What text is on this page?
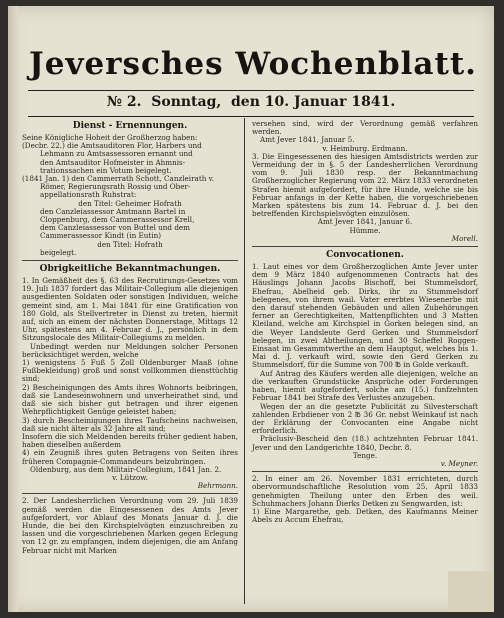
Jeversches Wochenblatt.
№ 2. Sonntag, den 10. Januar 1841.
Dienst - Ernennungen.

Seine Königliche Hoheit der Großherzog haben:

(Decbr. 22.) die Amtsauditoren Flor, Harbers und

Lehmann zu Amtsassessoren ernannt und

den Amtsauditor Hofmeister in Ahmnis-

trationssachen ein Votum beigelegt.

(1841 Jan. 1) den Cammerrath Schott, Canzleirath v.

Römer, Regierungsrath Rossig und Ober-

appellationsrath Ruhstrat:

den Titel: Geheimer Hofrath

den Canzleiassessor Amtmann Bartel in

Cloppenburg, dem Cammerassessor Krell,

dem Canzleiassessor von Buttel und dem

Cammerassessor Kindt (in Eutin)

den Titel: Hofrath

beigelegt.

Obrigkeitliche Bekanntmachungen.

1. In Gemäßheit des §. 63 des Recrutirungs-Gesetzes vom 19. Juli 1837 fordert das Militair-Collegium alle diejenigen ausgedienten Soldaten oder sonstigen Individuen, welche gemeint sind, am 1. Mai 1841 für eine Gratification von 180 Gold, als Stellvertreter in Dienst zu treten, hiermit auf, sich an einem der nächsten Donnerstage, Mittags 12 Uhr, spätestens am 4. Februar d. J., persönlich in dem Sitzungslocale des Militair-Collegiums zu melden.

Unbedingt werden nur Meldungen solcher Personen berücksichtiget werden, welche

1) wenigstens 5 Fuß 5 Zoll Oldenburger Maaß (ohne Fußbekleidung) groß und sonst vollkommen diensttüchtig sind;

2) Bescheinigungen des Amts ihres Wohnorts beibringen, daß sie Landeseinwohnern und unverheirathet sind, und daß sie sich bisher gut betragen und ihrer eigenen Wehrpflichtigkeit Genüge geleistet haben;

3) durch Bescheinigungen ihres Taufscheins nachweisen, daß sie nicht älter als 32 Jahre alt sind;

Insofern die sich Meldenden bereits früher gedient haben, haben dieselben außerdem

4) ein Zeugniß ihres guten Betragens von Seiten ihres früheren Compagnie-Commandeurs beizubringen.

Oldenburg, aus dem Militair-Collegium, 1841 Jan. 2.

v. Lützow.

Behrmann.

2. Der Landesherrlichen Verordnung vom 29. Juli 1839 gemäß werden die Eingesessenen des Amts Jever aufgefordert, vor Ablauf des Monats Januar d. J. die Hunde, die bei den Kirchspielvögten einzuschreiben zu lassen und die vorgeschriebenen Marken gegen Erlegung von 12 gr. zu empfangen, indem diejenigen, die am Anfang Februar nicht mit Marken

versehen sind, wird der Verordnung gemäß verfahren werden.

Amt Jever 1841, Januar 5.

v. Heimburg. Erdmann.

3. Die Eingesessenen des hiesigen Amtsdistricts werden zur Vermeidung der in §. 5 der Landesherrlichen Verordnung vom 9. Juli 1830 resp. der Bekanntmachung Großherzoglicher Regierung vom 22. März 1833 verordneten Strafen hiemit aufgefordert, für ihre Hunde, welche sie bis Februar anfangs in der Kette haben, die vorgeschriebenen Marken spätestens bis zum 14. Februar d. J. bei den betreffenden Kirchspielsvögten einzulösen.

Amt Jever 1841, Januar 6.

Hümme.

Morell.

Convocationen.

1. Laut eines vor dem Großherzoglichen Amte Jever unter dem 9 März 1840 aufgenommenen Contracts hat des Häuslings Johann Jacobs Bischoff, bei Stummelsdorf, Ehefrau, Abelheid geb. Dirks, ihr zu Stummelsdorf belegenes, von ihrem wail. Vater ererbtes Wiesenerbe mit den darauf stehenden Gebäuden und allen Zubehörungen ferner an Gerechtigkeiten, Mattenpflichten und 3 Matten Kleiland, welche am Kirchspiel in Gorken belegen sind, an die Weyer Landsleute Gerd Gerken und Stummelsdorf belegen, in zwei Abtheilungen, und 30 Scheffel Roggen-Einsaat im Gesammtwerthe an dem Hauptgut, welches bis 1. Mai d. J. verkauft wird, sowie den Gerd Gerken zu Stummelsdorf, für die Summe von 700 ℔ in Golde verkauft.

Auf Antrag des Käufers werden alle diejenigen, welche an die verkauften Grundstücke Ansprüche oder Forderungen haben, hiemit aufgefordert, solche am (15.) funfzehnten Februar 1841 bei Strafe des Verlustes anzugeben.

Wegen der an die gesetzte Publicität zu Silvesterschaft zahlenden Erbdiener von 2 ℔ 36 Gr. nebst Weinkauf ist nach der Erklärung der Convocanten eine Angabe nicht erforderlich.

Präclusiv-Bescheid den (18.) achtzehnten Februar 1841. Jever und den Landgerichte 1840, Decbr. 8.

Tenge.

v. Meyner.

2. In einer am 26. November 1831 errichteten, durch obervormundschaftliche Resolution vom 25. April 1833 genehmigten Theilung unter den Erben des weil. Schuhmachers Johann Dierks Detken zu Sengwarden, ist:

1) Eine Margarethe, geb. Detken, des Kaufmanns Meiner Abels zu Accum Ehefrau,
